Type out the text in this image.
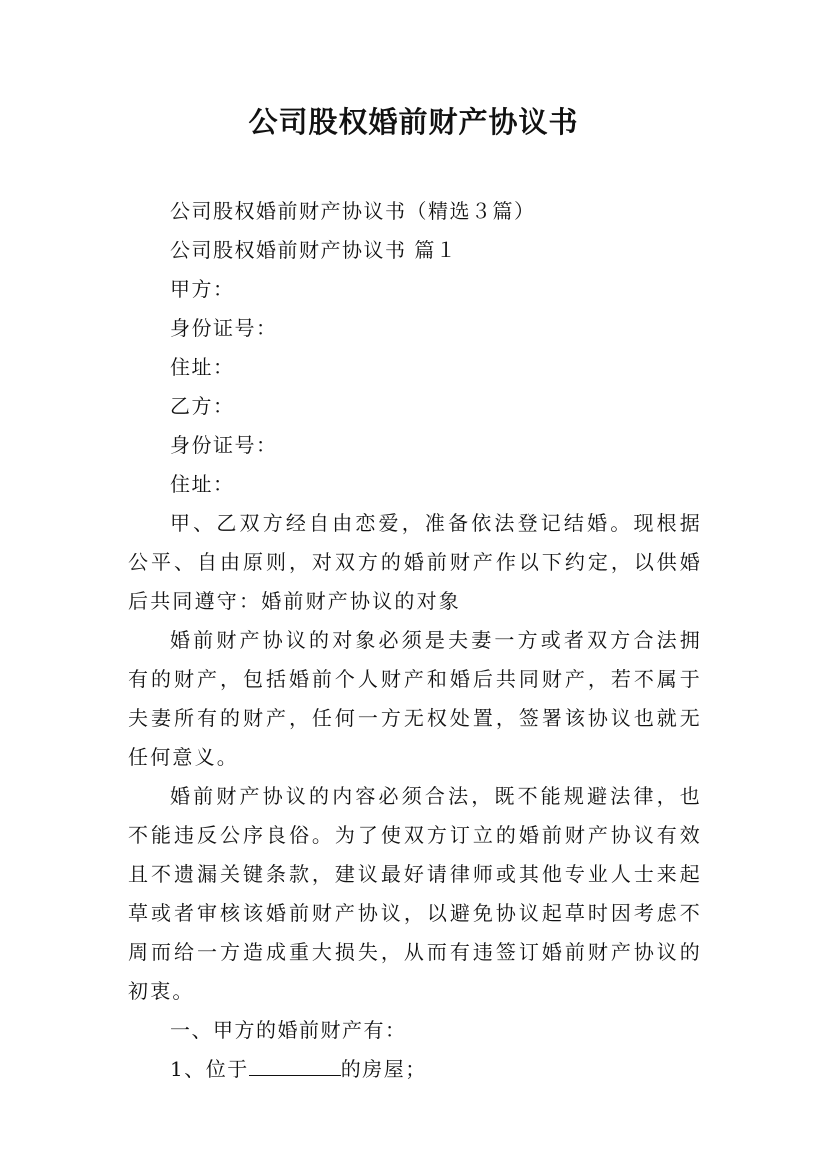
公司股权婚前财产协议书

公司股权婚前财产协议书（精选３篇）

公司股权婚前财产协议书 篇１

甲方：

身份证号：

住址：

乙方：

身份证号：

住址：

甲、乙双方经自由恋爱，准备依法登记结婚。现根据公平、自由原则，对双方的婚前财产作以下约定，以供婚后共同遵守：婚前财产协议的对象

婚前财产协议的对象必须是夫妻一方或者双方合法拥有的财产，包括婚前个人财产和婚后共同财产，若不属于夫妻所有的财产，任何一方无权处置，签署该协议也就无任何意义。

婚前财产协议的内容必须合法，既不能规避法律，也不能违反公序良俗。为了使双方订立的婚前财产协议有效且不遗漏关键条款，建议最好请律师或其他专业人士来起草或者审核该婚前财产协议，以避免协议起草时因考虑不周而给一方造成重大损失，从而有违签订婚前财产协议的初衷。

一、甲方的婚前财产有：

1、位于	的房屋；
